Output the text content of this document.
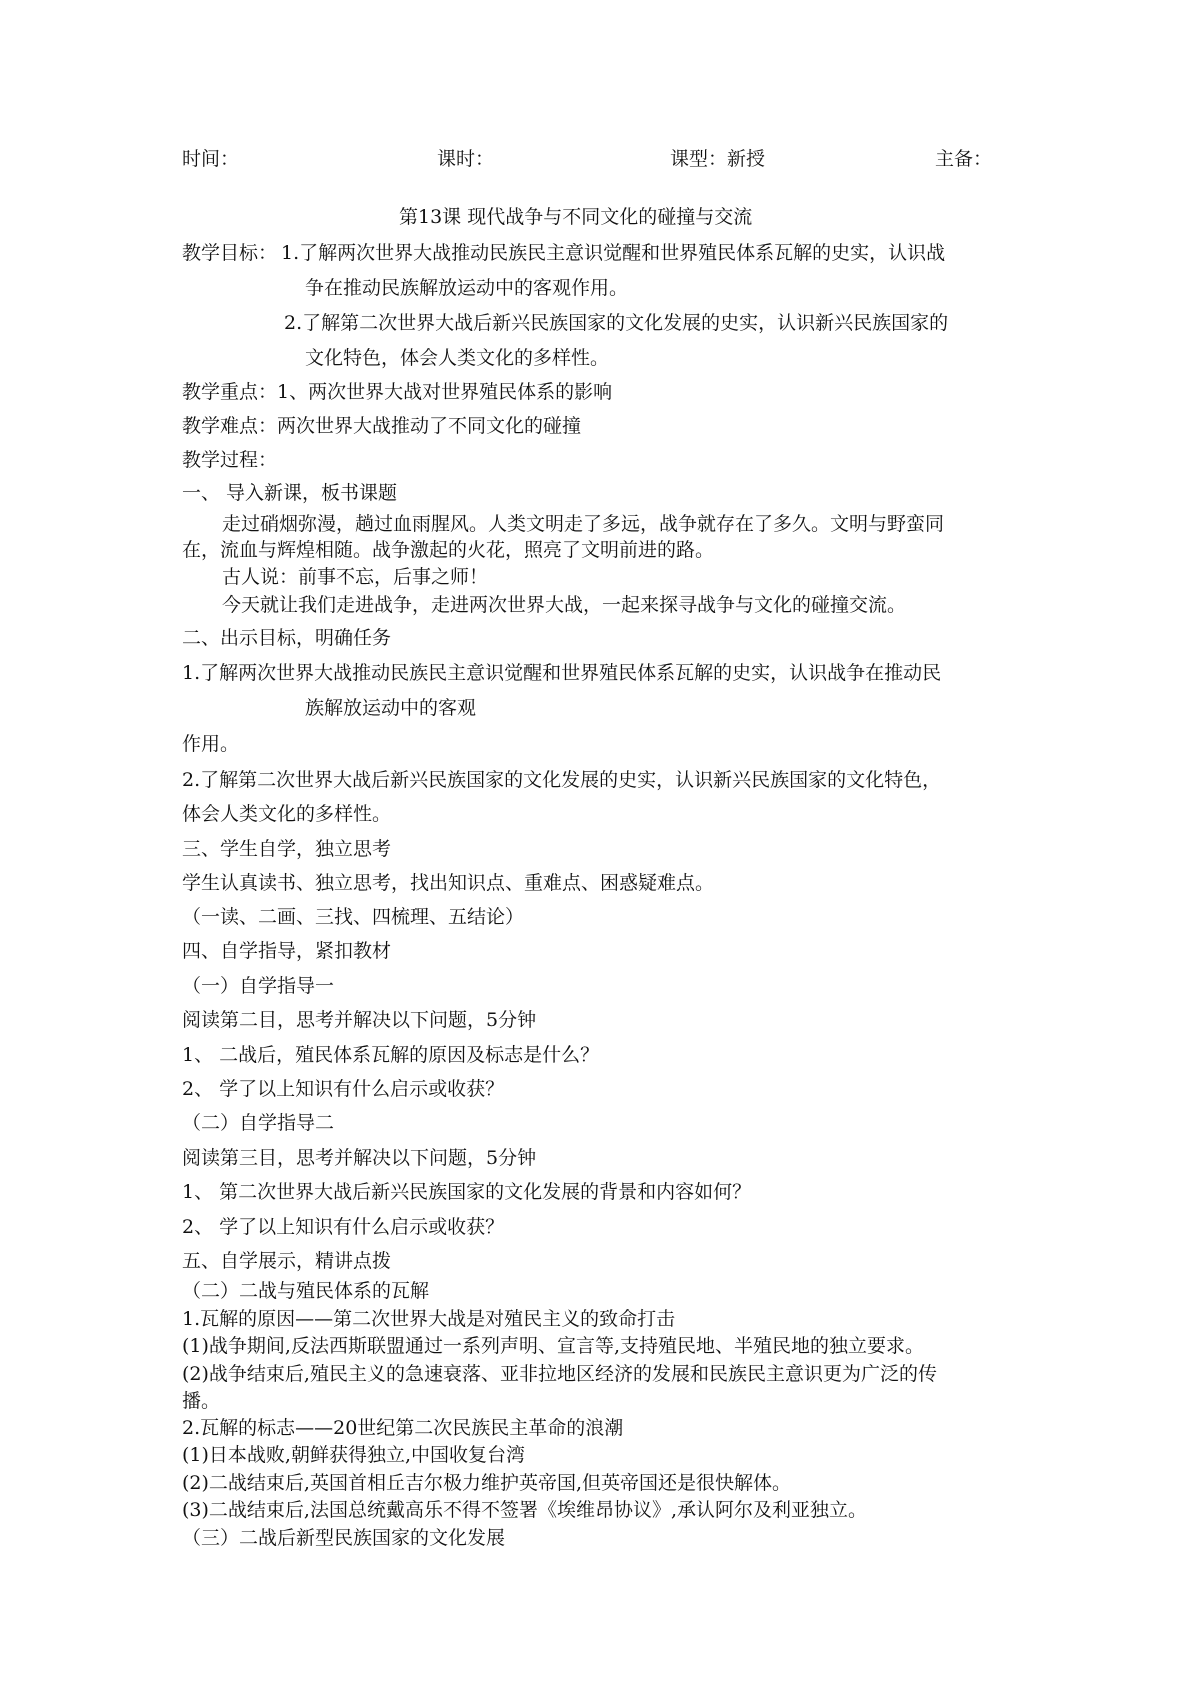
时间：	课时：	课型：新授	主备：
第13课 现代战争与不同文化的碰撞与交流
教学目标： 1.了解两次世界大战推动民族民主意识觉醒和世界殖民体系瓦解的史实，认识战
争在推动民族解放运动中的客观作用。
2.了解第二次世界大战后新兴民族国家的文化发展的史实，认识新兴民族国家的
文化特色，体会人类文化的多样性。
教学重点：1、两次世界大战对世界殖民体系的影响
教学难点：两次世界大战推动了不同文化的碰撞
教学过程：
一、 导入新课，板书课题
走过硝烟弥漫，趟过血雨腥风。人类文明走了多远，战争就存在了多久。文明与野蛮同
在，流血与辉煌相随。战争激起的火花，照亮了文明前进的路。
古人说：前事不忘，后事之师！
今天就让我们走进战争，走进两次世界大战，一起来探寻战争与文化的碰撞交流。
二、出示目标，明确任务
1.了解两次世界大战推动民族民主意识觉醒和世界殖民体系瓦解的史实，认识战争在推动民
族解放运动中的客观
作用。
2.了解第二次世界大战后新兴民族国家的文化发展的史实，认识新兴民族国家的文化特色，
体会人类文化的多样性。
三、学生自学，独立思考
学生认真读书、独立思考，找出知识点、重难点、困惑疑难点。
（一读、二画、三找、四梳理、五结论）
四、自学指导，紧扣教材
（一）自学指导一
阅读第二目，思考并解决以下问题，5分钟
1、 二战后，殖民体系瓦解的原因及标志是什么？
2、 学了以上知识有什么启示或收获？
（二）自学指导二
阅读第三目，思考并解决以下问题，5分钟
1、 第二次世界大战后新兴民族国家的文化发展的背景和内容如何？
2、 学了以上知识有什么启示或收获？
五、自学展示，精讲点拨
（二）二战与殖民体系的瓦解
1.瓦解的原因——第二次世界大战是对殖民主义的致命打击
(1)战争期间,反法西斯联盟通过一系列声明、宣言等,支持殖民地、半殖民地的独立要求。
(2)战争结束后,殖民主义的急速衰落、亚非拉地区经济的发展和民族民主意识更为广泛的传
播。
2.瓦解的标志——20世纪第二次民族民主革命的浪潮
(1)日本战败,朝鲜获得独立,中国收复台湾
(2)二战结束后,英国首相丘吉尔极力维护英帝国,但英帝国还是很快解体。
(3)二战结束后,法国总统戴高乐不得不签署《埃维昂协议》,承认阿尔及利亚独立。
（三）二战后新型民族国家的文化发展
